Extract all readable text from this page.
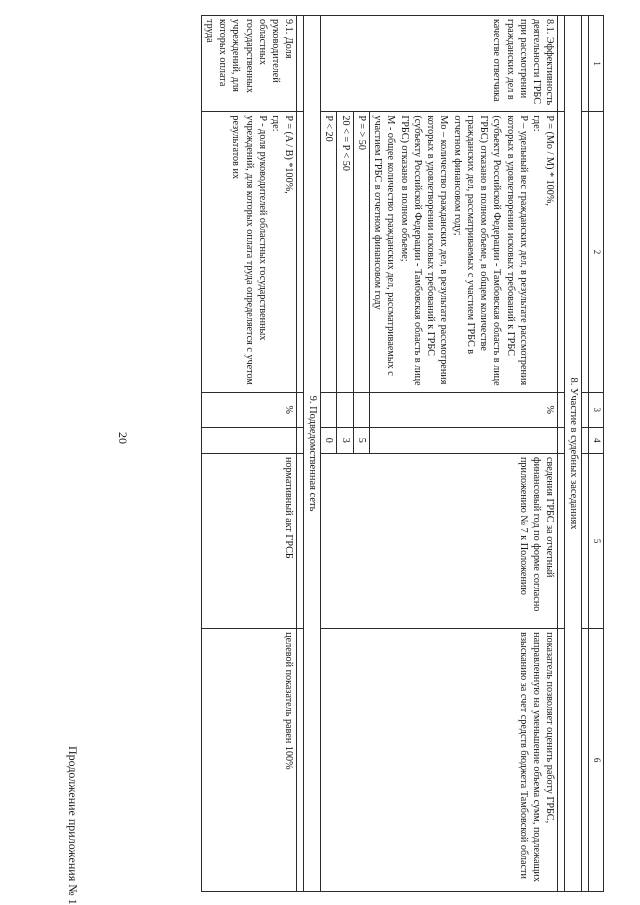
20
Продолжение приложения № 1
1	2	3	4	5	6

8. Участие в судебных заседаниях					

8.1. Эффективность деятельности ГРБС при рассмотрении гражданских дел в качестве ответчика	P = (Mo / M) * 100%,
где:
P – удельный вес гражданских дел, в результате рассмотрения которых в удовлетворении исковых требований к ГРБС (субъекту Российской Федерации - Тамбовская область в лице ГРБС) отказано в полном объеме, в общем количестве гражданских дел, рассматриваемых с участием ГРБС в отчетном финансовом году;
Mo – количество гражданских дел, в результате рассмотрения которых в удовлетворении исковых требований к ГРБС (субъекту Российской Федерации - Тамбовская область в лице ГРБС) отказано в полном объеме;
M - общее количество гражданских дел, рассматриваемых с участием ГРБС в отчетном финансовом году	%		сведения ГРБС за отчетный финансовый год по форме согласно приложению № 7 к Положению	показатель позволяет оценить работу ГРБС, направленную на уменьшение объема сумм, подлежащих взысканию за счет средств бюджета Тамбовской области
	P = > 50		5		
	20 < = P < 50		3		
	P < 20		0		
9. Подведомственная сеть					

9.1. Доля руководителей областных государственных учреждений, для которых оплата труда	P = (A / B) *100%,
где:
P - доля руководителей областных государственных учреждений, для которых оплата труда определяется с учетом результатов их	%		нормативный акт ГРСБ	целевой показатель равен 100%
